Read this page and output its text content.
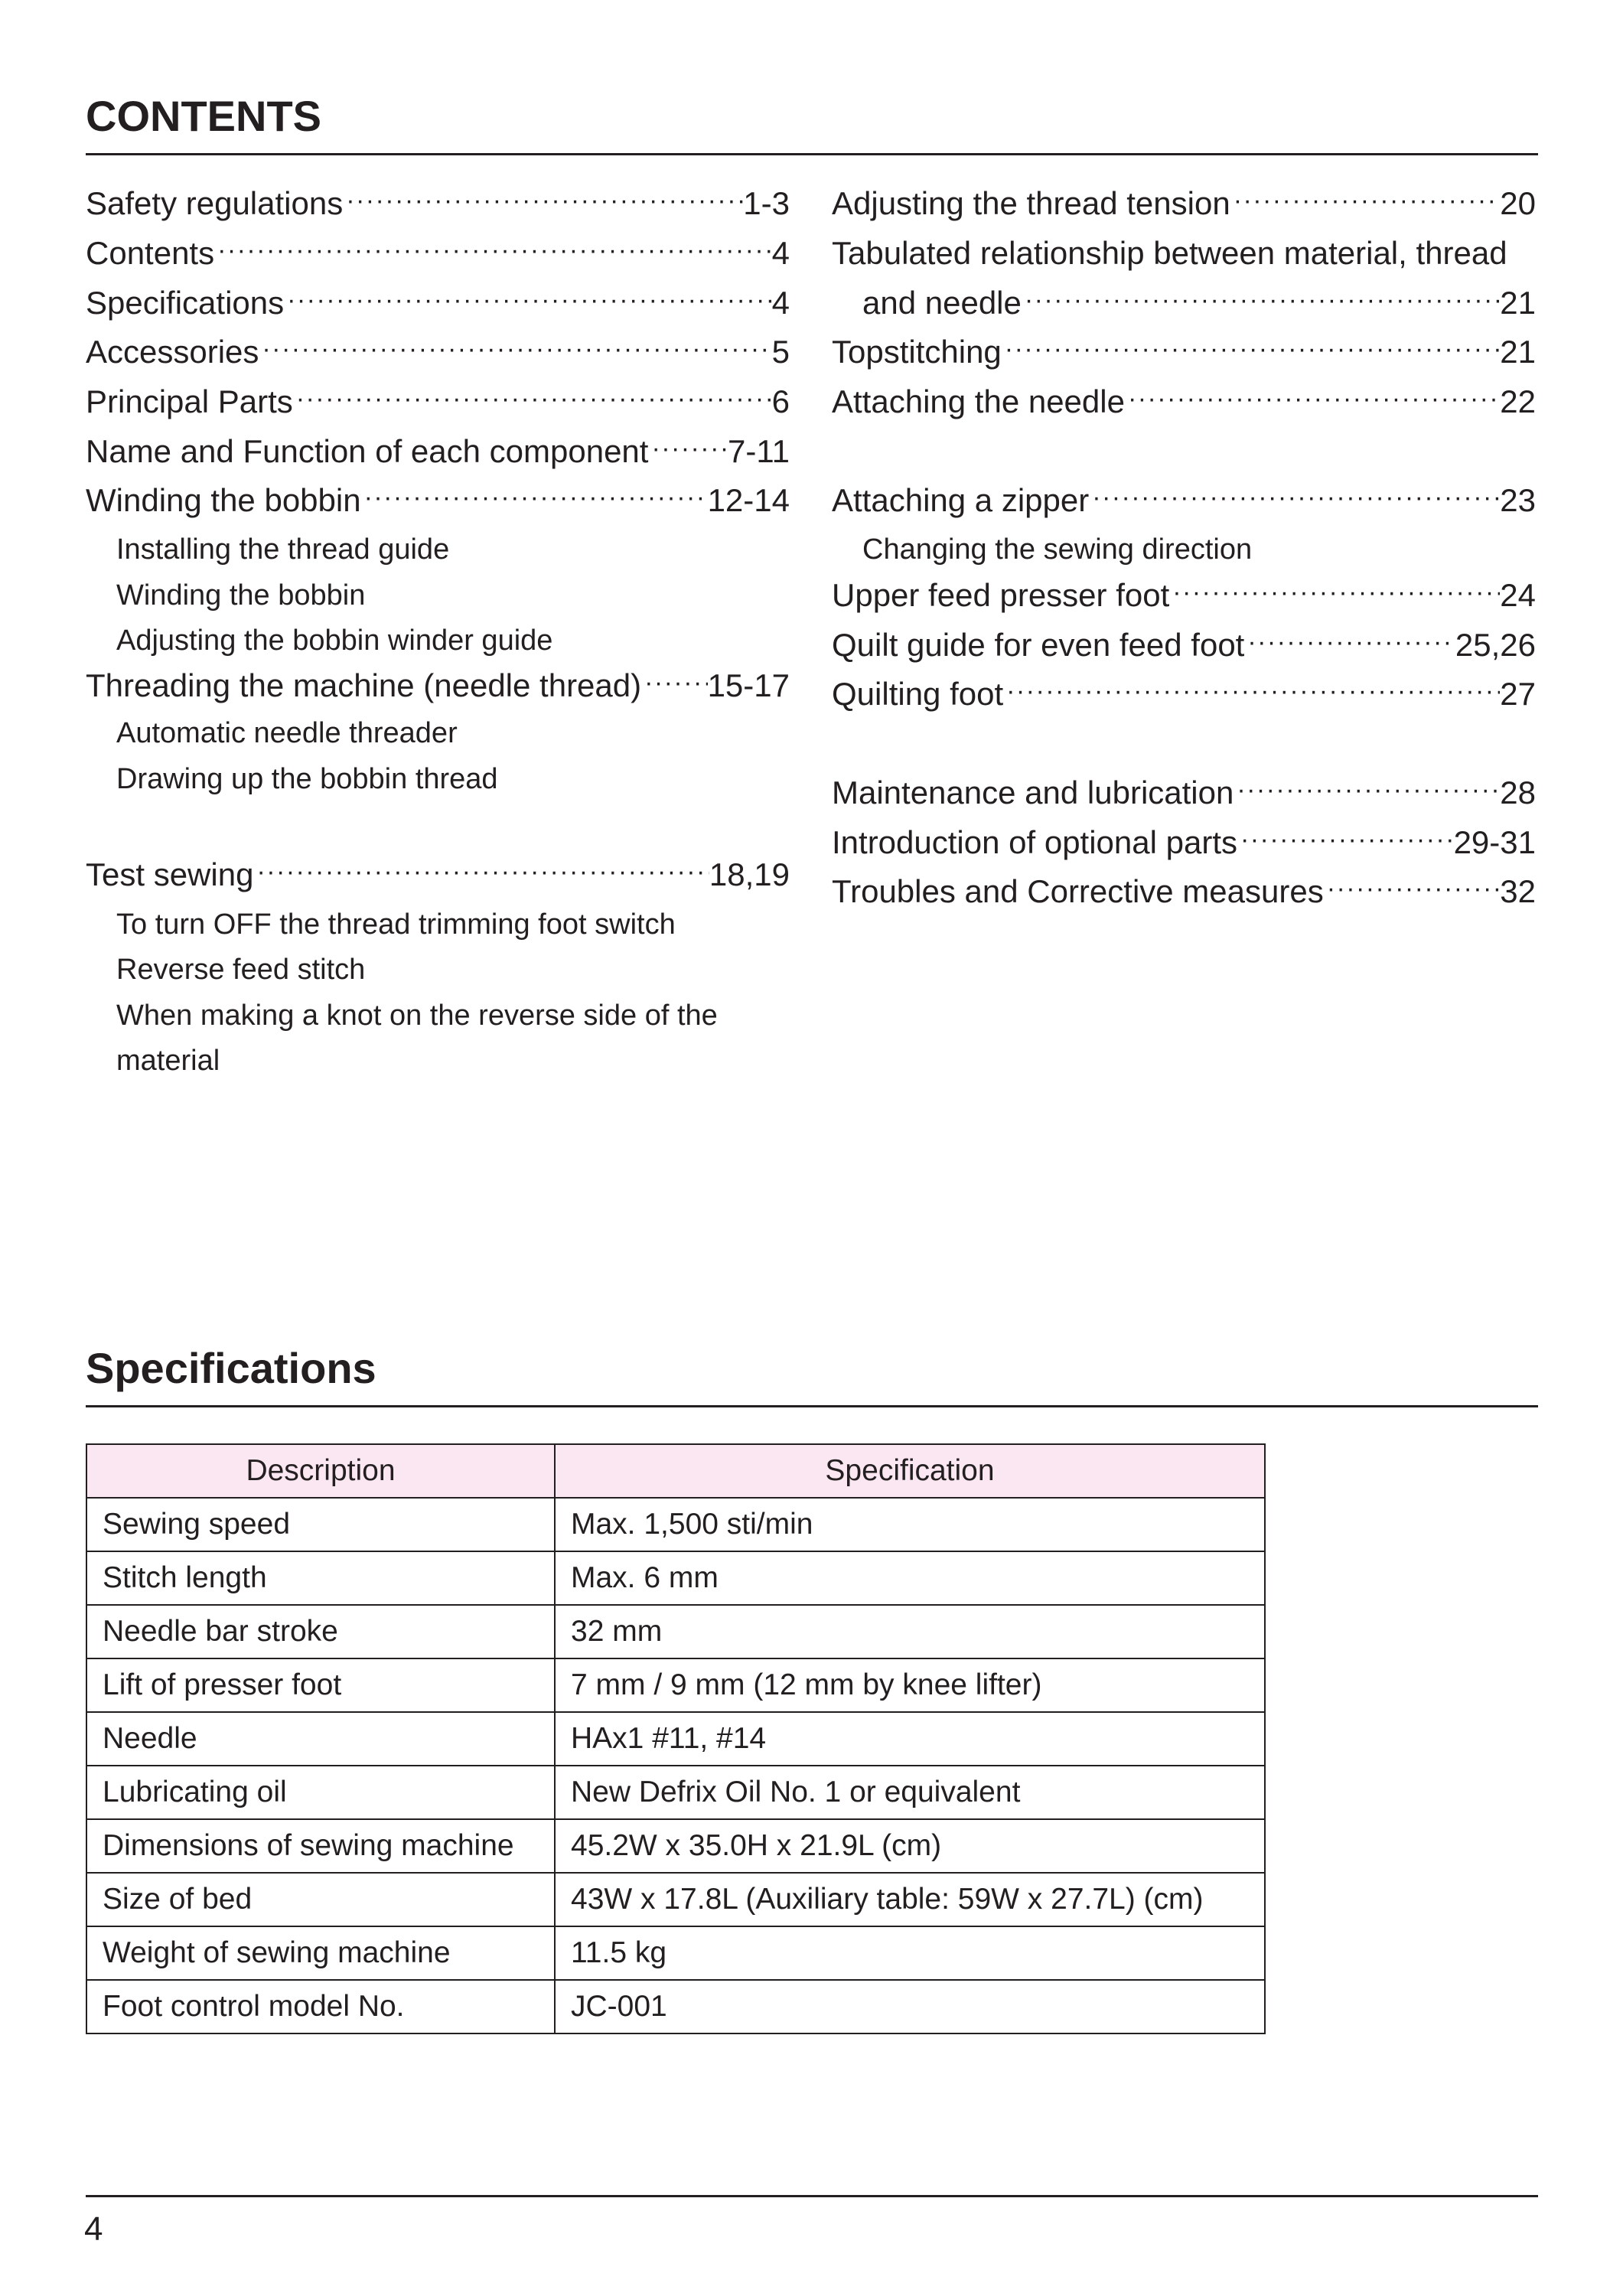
CONTENTS
Safety regulations · · ·	1-3
Contents · · ·	4
Specifications · · ·	4
Accessories · · ·	5
Principal Parts · · ·	6
Name and Function of each component · · · 7-11
Winding the bobbin · · ·	12-14
Installing the thread guide
Winding the bobbin
Adjusting the bobbin winder guide
Threading the machine (needle thread) · · · 15-17
Automatic needle threader
Drawing up the bobbin thread
Test sewing · · ·	18,19
To turn OFF the thread trimming foot switch
Reverse feed stitch
When making a knot on the reverse side of the
material
Adjusting the thread tension · · ·	20
Tabulated relationship between material, thread
and needle · · ·	21
Topstitching · · ·	21
Attaching the needle · · ·	22
Attaching a zipper · · ·	23
Changing the sewing direction
Upper feed presser foot · · ·	24
Quilt guide for even feed foot · · ·	25,26
Quilting foot · · ·	27
Maintenance and lubrication · · ·	28
Introduction of optional parts · · ·	29-31
Troubles and Corrective measures · · ·	32
Specifications
Description	Specification
Sewing speed	Max. 1,500 sti/min
Stitch length	Max. 6 mm
Needle bar stroke	32 mm
Lift of presser foot	7 mm / 9 mm (12 mm by knee lifter)
Needle	HAx1 #11, #14
Lubricating oil	New Defrix Oil No. 1 or equivalent
Dimensions of sewing machine	45.2W x 35.0H x 21.9L (cm)
Size of bed	43W x 17.8L (Auxiliary table: 59W x 27.7L) (cm)
Weight of sewing machine	11.5 kg
Foot control model No.	JC-001
4
